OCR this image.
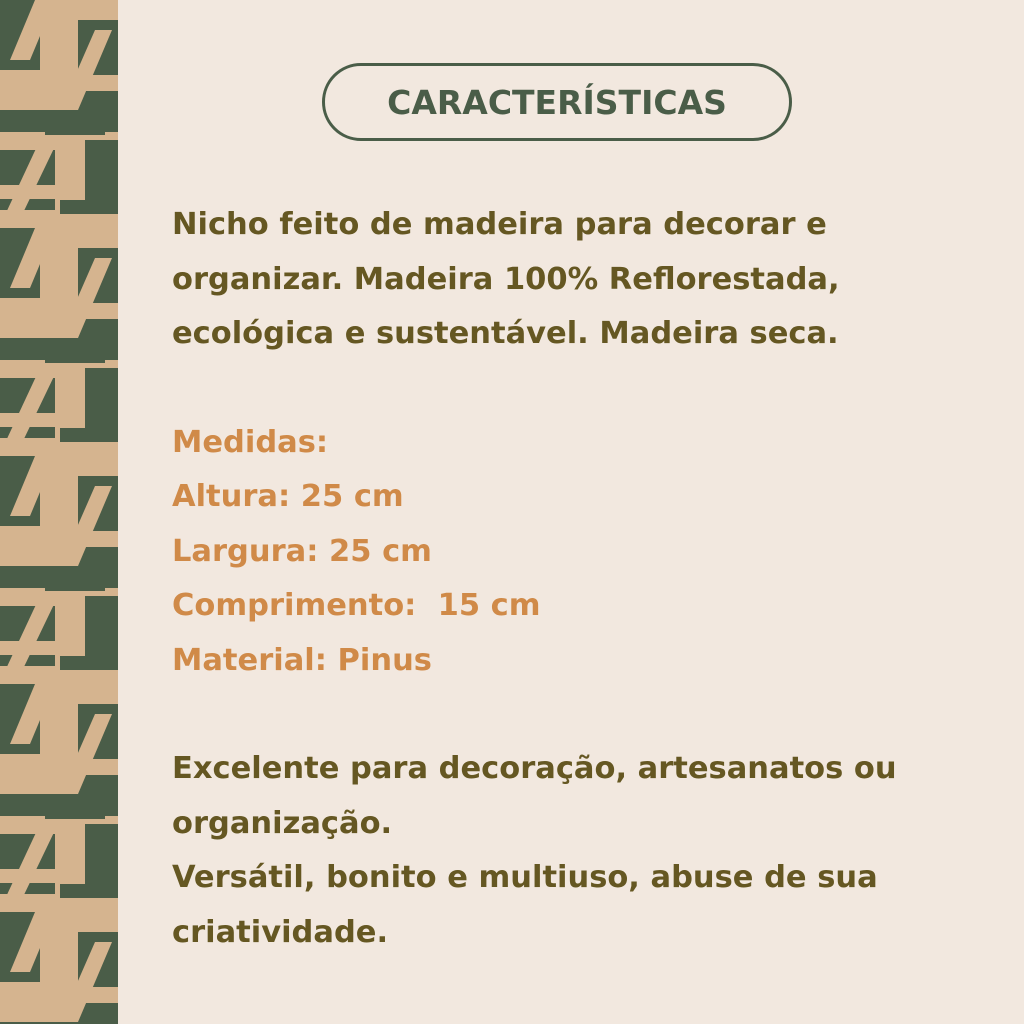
CARACTERÍSTICAS

Nicho feito de madeira para decorar e organizar. Madeira 100% Reflorestada, ecológica e sustentável. Madeira seca.

Medidas:
Altura: 25 cm
Largura: 25 cm
Comprimento:  15 cm
Material: Pinus

Excelente para decoração, artesanatos ou organização.

Versátil, bonito e multiuso, abuse de sua criatividade.
